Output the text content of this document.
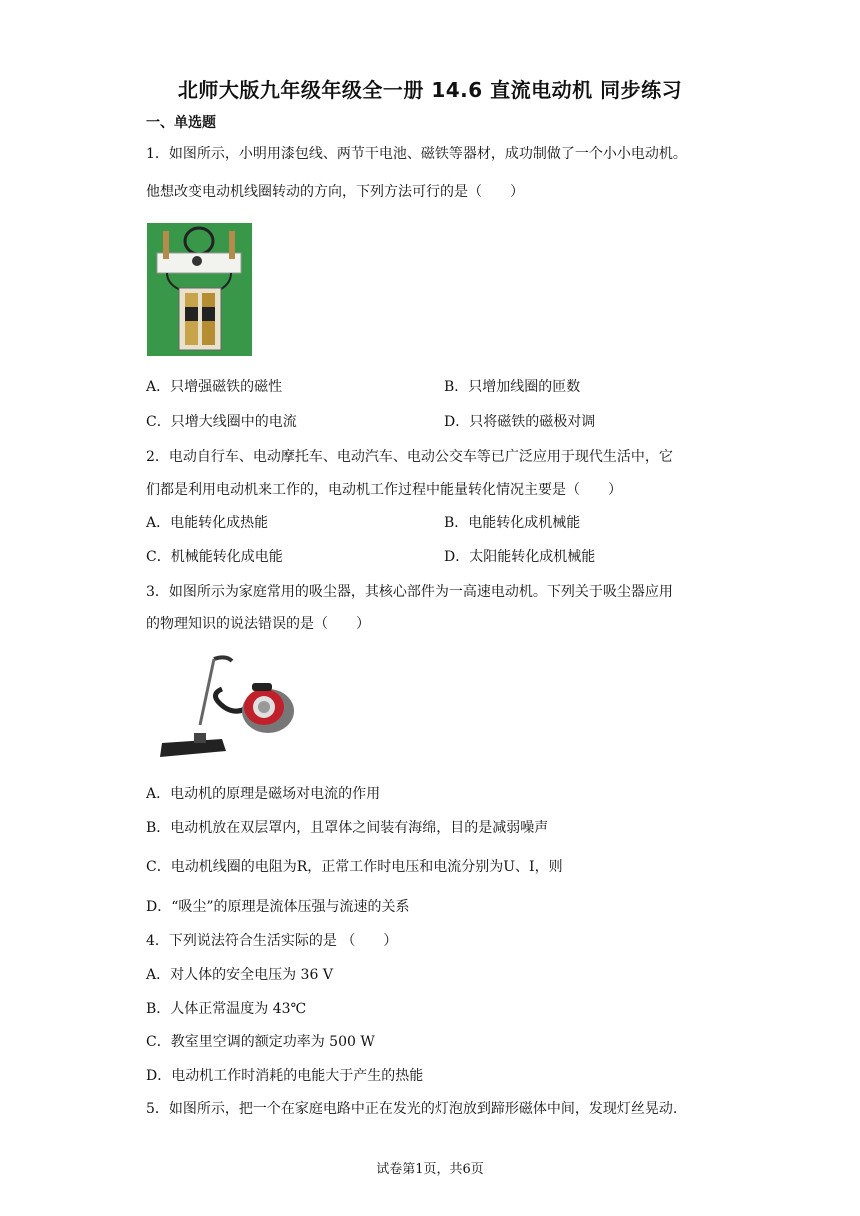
北师大版九年级年级全一册 14.6 直流电动机 同步练习
一、单选题
1．如图所示，小明用漆包线、两节干电池、磁铁等器材，成功制做了一个小小电动机。
他想改变电动机线圈转动的方向，下列方法可行的是（　　）
A．只增强磁铁的磁性	B．只增加线圈的匝数
C．只增大线圈中的电流	D．只将磁铁的磁极对调
2．电动自行车、电动摩托车、电动汽车、电动公交车等已广泛应用于现代生活中，它
们都是利用电动机来工作的，电动机工作过程中能量转化情况主要是（　　）
A．电能转化成热能	B．电能转化成机械能
C．机械能转化成电能	D．太阳能转化成机械能
3．如图所示为家庭常用的吸尘器，其核心部件为一高速电动机。下列关于吸尘器应用
的物理知识的说法错误的是（　　）
A．电动机的原理是磁场对电流的作用
B．电动机放在双层罩内，且罩体之间装有海绵，目的是减弱噪声
C．电动机线圈的电阻为R，正常工作时电压和电流分别为U、I，则
D．“吸尘”的原理是流体压强与流速的关系
4．下列说法符合生活实际的是 （　　）
A．对人体的安全电压为 36 V
B．人体正常温度为 43℃
C．教室里空调的额定功率为 500 W
D．电动机工作时消耗的电能大于产生的热能
5．如图所示，把一个在家庭电路中正在发光的灯泡放到蹄形磁体中间，发现灯丝晃动.
试卷第1页，共6页
